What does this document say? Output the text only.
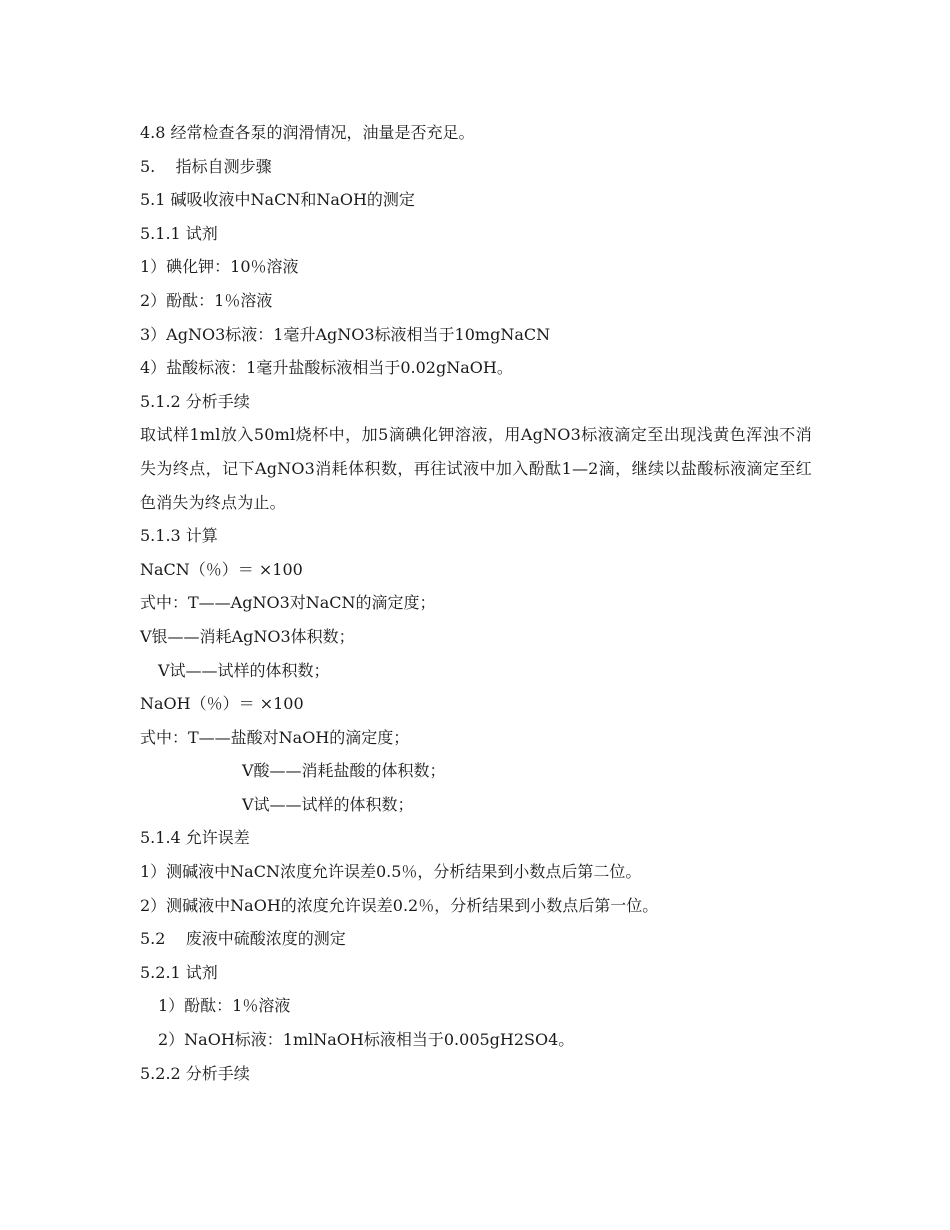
4.8 经常检查各泵的润滑情况，油量是否充足。
5.    指标自测步骤
5.1 碱吸收液中NaCN和NaOH的测定
5.1.1 试剂
1）碘化钾：10％溶液
2）酚酞：1％溶液
3）AgNO3标液：1毫升AgNO3标液相当于10mgNaCN
4）盐酸标液：1毫升盐酸标液相当于0.02gNaOH。
5.1.2 分析手续
取试样1ml放入50ml烧杯中，加5滴碘化钾溶液，用AgNO3标液滴定至出现浅黄色浑浊不消失为终点，记下AgNO3消耗体积数，再往试液中加入酚酞1—2滴，继续以盐酸标液滴定至红色消失为终点为止。
5.1.3 计算
NaCN（％）＝ ×100
式中：T——AgNO3对NaCN的滴定度；
V银——消耗AgNO3体积数；
V试——试样的体积数；
NaOH（％）＝ ×100
式中：T——盐酸对NaOH的滴定度；
V酸——消耗盐酸的体积数；
V试——试样的体积数；
5.1.4 允许误差
1）测碱液中NaCN浓度允许误差0.5％，分析结果到小数点后第二位。
2）测碱液中NaOH的浓度允许误差0.2％，分析结果到小数点后第一位。
5.2    废液中硫酸浓度的测定
5.2.1 试剂
1）酚酞：1％溶液
2）NaOH标液：1mlNaOH标液相当于0.005gH2SO4。
5.2.2 分析手续
